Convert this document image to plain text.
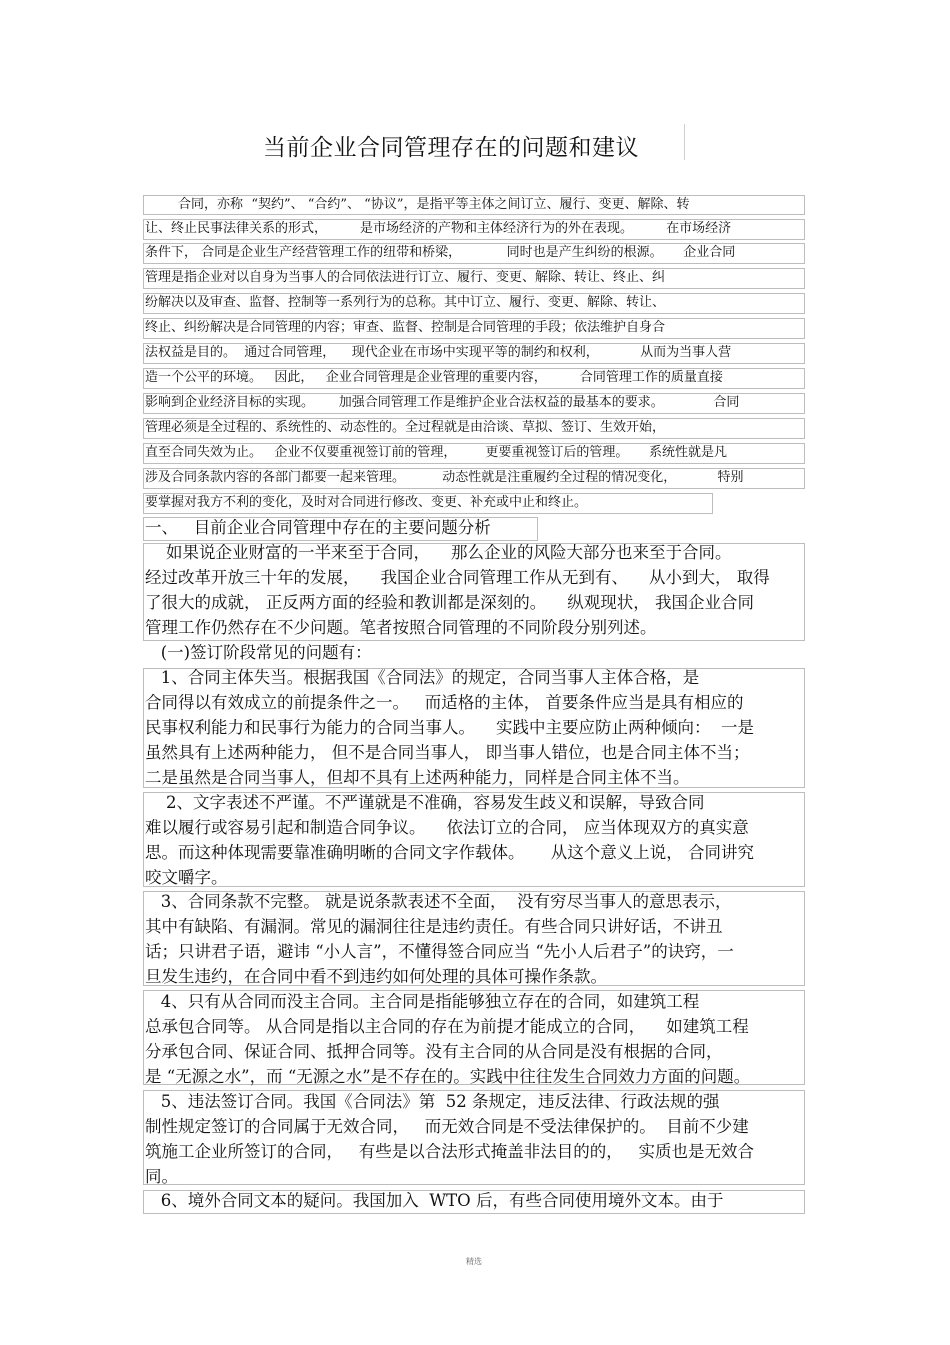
当前企业合同管理存在的问题和建议
合同，亦称  “契约”、 “合约”、 “协议”，是指平等主体之间订立、履行、变更、解除、转
让、终止民事法律关系的形式，        是市场经济的产物和主体经济行为的外在表现。        在市场经济
条件下， 合同是企业生产经营管理工作的纽带和桥梁，           同时也是产生纠纷的根源。     企业合同
管理是指企业对以自身为当事人的合同依法进行订立、履行、变更、解除、转让、终止、纠
纷解决以及审查、监督、控制等一系列行为的总称。其中订立、履行、变更、解除、转让、
终止、纠纷解决是合同管理的内容；审查、监督、控制是合同管理的手段；依法维护自身合
法权益是目的。  通过合同管理，    现代企业在市场中实现平等的制约和权利，          从而为当事人营
造一个公平的环境。   因此，   企业合同管理是企业管理的重要内容，        合同管理工作的质量直接
影响到企业经济目标的实现。      加强合同管理工作是维护企业合法权益的最基本的要求。            合同
管理必须是全过程的、系统性的、动态性的。全过程就是由洽谈、草拟、签订、生效开始，
直至合同失效为止。   企业不仅要重视签订前的管理，       更要重视签订后的管理。     系统性就是凡
涉及合同条款内容的各部门都要一起来管理。         动态性就是注重履约全过程的情况变化，          特别
要掌握对我方不利的变化，及时对合同进行修改、变更、补充或中止和终止。
一、   目前企业合同管理中存在的主要问题分析
如果说企业财富的一半来至于合同，    那么企业的风险大部分也来至于合同。
经过改革开放三十年的发展，    我国企业合同管理工作从无到有、    从小到大， 取得
了很大的成就， 正反两方面的经验和教训都是深刻的。    纵观现状， 我国企业合同
管理工作仍然存在不少问题。笔者按照合同管理的不同阶段分别列述。
(一)签订阶段常见的问题有：
1、合同主体失当。根据我国《合同法》的规定，合同当事人主体合格，是
合同得以有效成立的前提条件之一。   而适格的主体， 首要条件应当是具有相应的
民事权利能力和民事行为能力的合同当事人。    实践中主要应防止两种倾向：  一是
虽然具有上述两种能力， 但不是合同当事人， 即当事人错位，也是合同主体不当；
二是虽然是合同当事人，但却不具有上述两种能力，同样是合同主体不当。
2、文字表述不严谨。不严谨就是不准确，容易发生歧义和误解，导致合同
难以履行或容易引起和制造合同争议。    依法订立的合同， 应当体现双方的真实意
思。而这种体现需要靠准确明晰的合同文字作载体。     从这个意义上说， 合同讲究
咬文嚼字。
3、合同条款不完整。 就是说条款表述不全面，  没有穷尽当事人的意思表示，
其中有缺陷、有漏洞。常见的漏洞往往是违约责任。有些合同只讲好话，不讲丑
话；只讲君子语，避讳 “小人言”，不懂得签合同应当 “先小人后君子”的诀窍，一
旦发生违约，在合同中看不到违约如何处理的具体可操作条款。
4、只有从合同而没主合同。主合同是指能够独立存在的合同，如建筑工程
总承包合同等。 从合同是指以主合同的存在为前提才能成立的合同，    如建筑工程
分承包合同、保证合同、抵押合同等。没有主合同的从合同是没有根据的合同，
是 “无源之水”，而 “无源之水”是不存在的。实践中往往发生合同效力方面的问题。
5、违法签订合同。我国《合同法》第  52 条规定，违反法律、行政法规的强
制性规定签订的合同属于无效合同，   而无效合同是不受法律保护的。  目前不少建
筑施工企业所签订的合同，   有些是以合法形式掩盖非法目的的，   实质也是无效合
同。
6、境外合同文本的疑问。我国加入  WTO 后，有些合同使用境外文本。由于
精选
